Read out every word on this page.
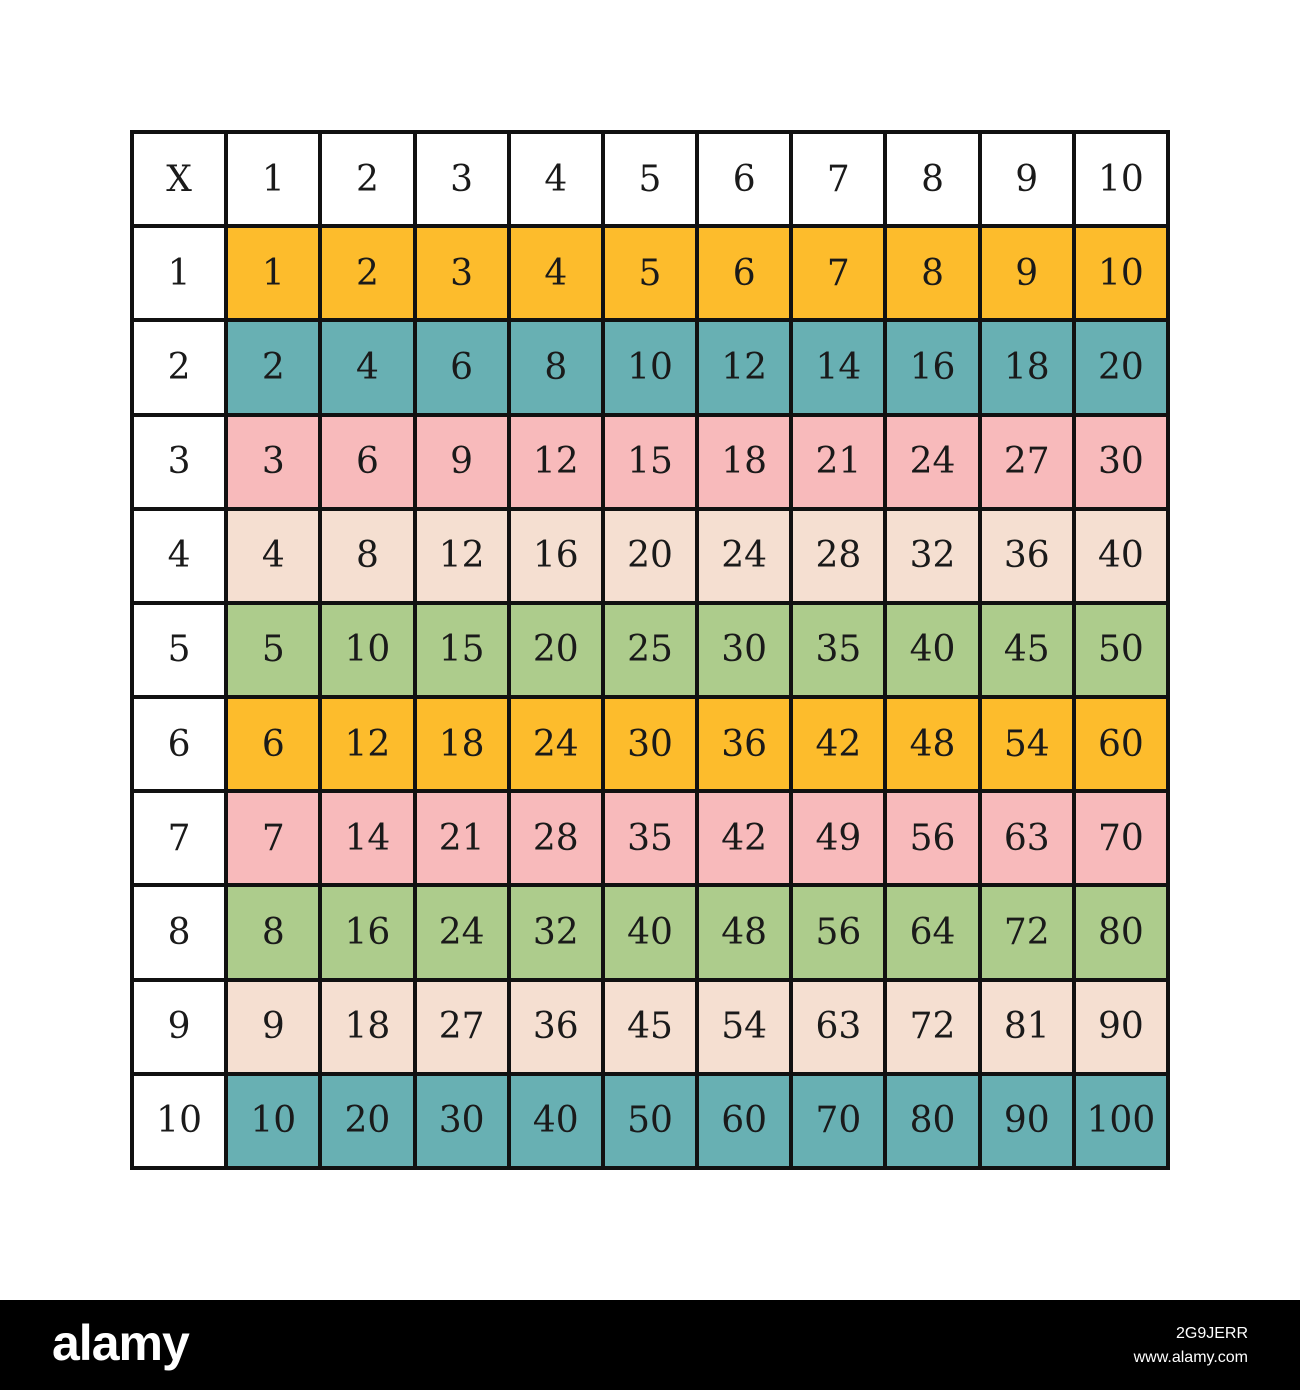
X	1	2	3	4	5	6	7	8	9	10
1	1	2	3	4	5	6	7	8	9	10
2	2	4	6	8	10	12	14	16	18	20
3	3	6	9	12	15	18	21	24	27	30
4	4	8	12	16	20	24	28	32	36	40
5	5	10	15	20	25	30	35	40	45	50
6	6	12	18	24	30	36	42	48	54	60
7	7	14	21	28	35	42	49	56	63	70
8	8	16	24	32	40	48	56	64	72	80
9	9	18	27	36	45	54	63	72	81	90
10	10	20	30	40	50	60	70	80	90	100
alamy	2G9JERR
www.alamy.com
